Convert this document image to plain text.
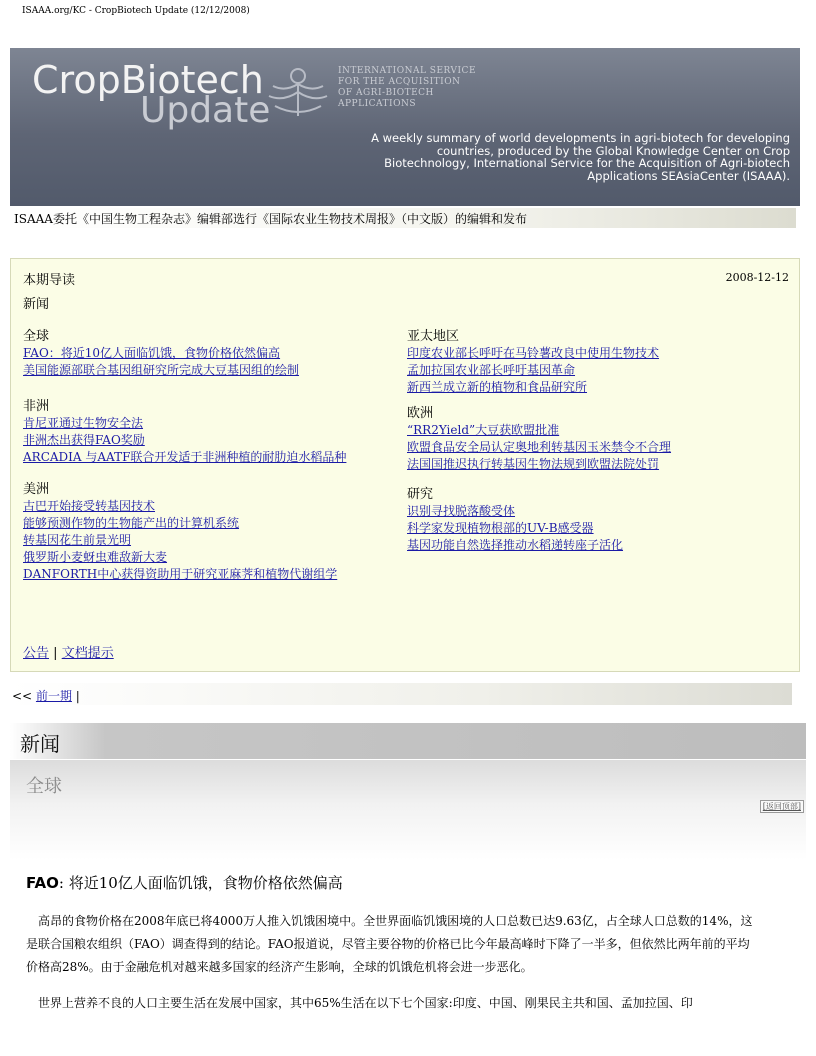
ISAAA.org/KC - CropBiotech Update (12/12/2008)
CropBiotech
Update
INTERNATIONAL SERVICE
FOR THE ACQUISITION
OF AGRI-BIOTECH
APPLICATIONS
A weekly summary of world developments in agri-biotech for developing countries, produced by the Global Knowledge Center on Crop Biotechnology, International Service for the Acquisition of Agri-biotech Applications SEAsiaCenter (ISAAA).
ISAAA委托《中国生物工程杂志》编辑部选行《国际农业生物技术周报》（中文版）的编辑和发布
本期导读	2008-12-12
新闻
全球
FAO：将近10亿人面临饥饿，食物价格依然偏高
美国能源部联合基因组研究所完成大豆基因组的绘制
非洲
肯尼亚通过生物安全法
非洲杰出获得FAO奖励
ARCADIA 与AATF联合开发适于非洲种植的耐肋迫水稻品种
美洲
古巴开始接受转基因技术
能够预测作物的生物能产出的计算机系统
转基因花生前景光明
俄罗斯小麦蚜虫难敌新大麦
DANFORTH中心获得资助用于研究亚麻荠和植物代谢组学
亚太地区
印度农业部长呼吁在马铃薯改良中使用生物技术
孟加拉国农业部长呼吁基因革命
新西兰成立新的植物和食品研究所
欧洲
“RR2Yield”大豆获欧盟批准
欧盟食品安全局认定奥地利转基因玉米禁令不合理
法国国推迟执行转基因生物法规到欧盟法院处罚
研究
识别寻找脱落酸受体
科学家发现植物根部的UV-B感受器
基因功能自然选择推动水稻递转座子活化
公告 | 文档提示
<< 前一期 |
新闻
全球
[返回顶部]
FAO: 将近10亿人面临饥饿，食物价格依然偏高
高昂的食物价格在2008年底已将4000万人推入饥饿困境中。全世界面临饥饿困境的人口总数已达9.63亿，占全球人口总数的14%，这是联合国粮农组织（FAO）调查得到的结论。FAO报道说，尽管主要谷物的价格已比今年最高峰时下降了一半多，但依然比两年前的平均价格高28%。由于金融危机对越来越多国家的经济产生影响，全球的饥饿危机将会进一步恶化。
世界上营养不良的人口主要生活在发展中国家，其中65%生活在以下七个国家:印度、中国、刚果民主共和国、孟加拉国、印
